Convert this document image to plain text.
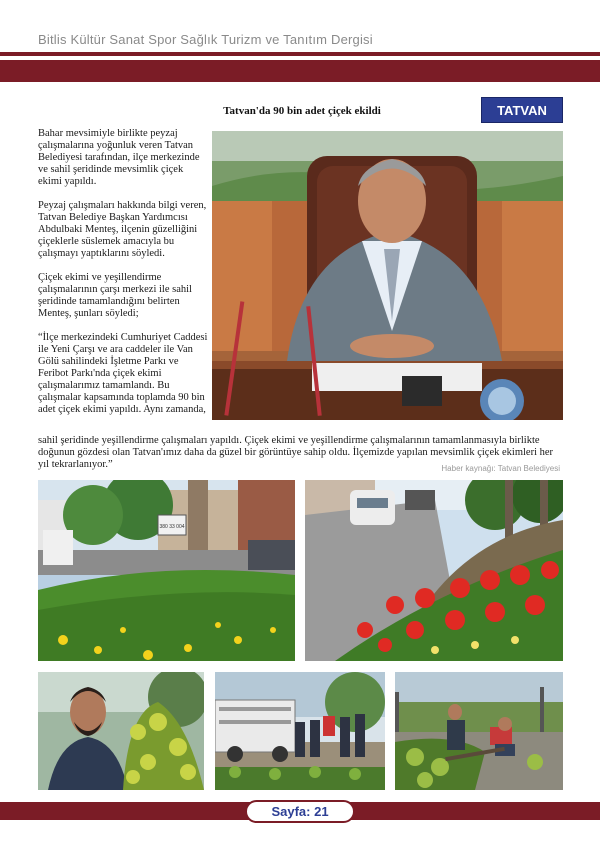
Bitlis Kültür Sanat Spor Sağlık Turizm ve Tanıtım Dergisi
Tatvan'da 90 bin adet çiçek ekildi	TATVAN

Bahar mevsimiyle birlikte peyzaj çalışmalarına yoğunluk veren Tatvan Belediyesi tarafından, ilçe merkezinde ve sahil şeridinde mevsimlik çiçek ekimi yapıldı.

Peyzaj çalışmaları hakkında bilgi veren, Tatvan Belediye Başkan Yardımcısı Abdulbaki Menteş, ilçenin güzelliğini çiçeklerle süslemek amacıyla bu çalışmayı yaptıklarını söyledi.

Çiçek ekimi ve yeşillendirme çalışmalarının çarşı merkezi ile sahil şeridinde tamamlandığını belirten Menteş, şunları söyledi;

“İlçe merkezindeki Cumhuriyet Caddesi ile Yeni Çarşı ve ara caddeler ile Van Gölü sahilindeki İşletme Parkı ve Feribot Parkı'nda çiçek ekimi çalışmalarımız tamamlandı. Bu çalışmalar kapsamında toplamda 90 bin adet çiçek ekimi yapıldı. Aynı zamanda,

sahil şeridinde yeşillendirme çalışmaları yapıldı. Çiçek ekimi ve yeşillendirme çalışmalarının tamamlanmasıyla birlikte doğunun gözdesi olan Tatvan'ımız daha da güzel bir görüntüye sahip oldu. İlçemizde yapılan mevsimlik çiçek ekimleri her yıl tekrarlanıyor.”	Haber kaynağı: Tatvan Belediyesi
380 33 004
Sayfa: 21
